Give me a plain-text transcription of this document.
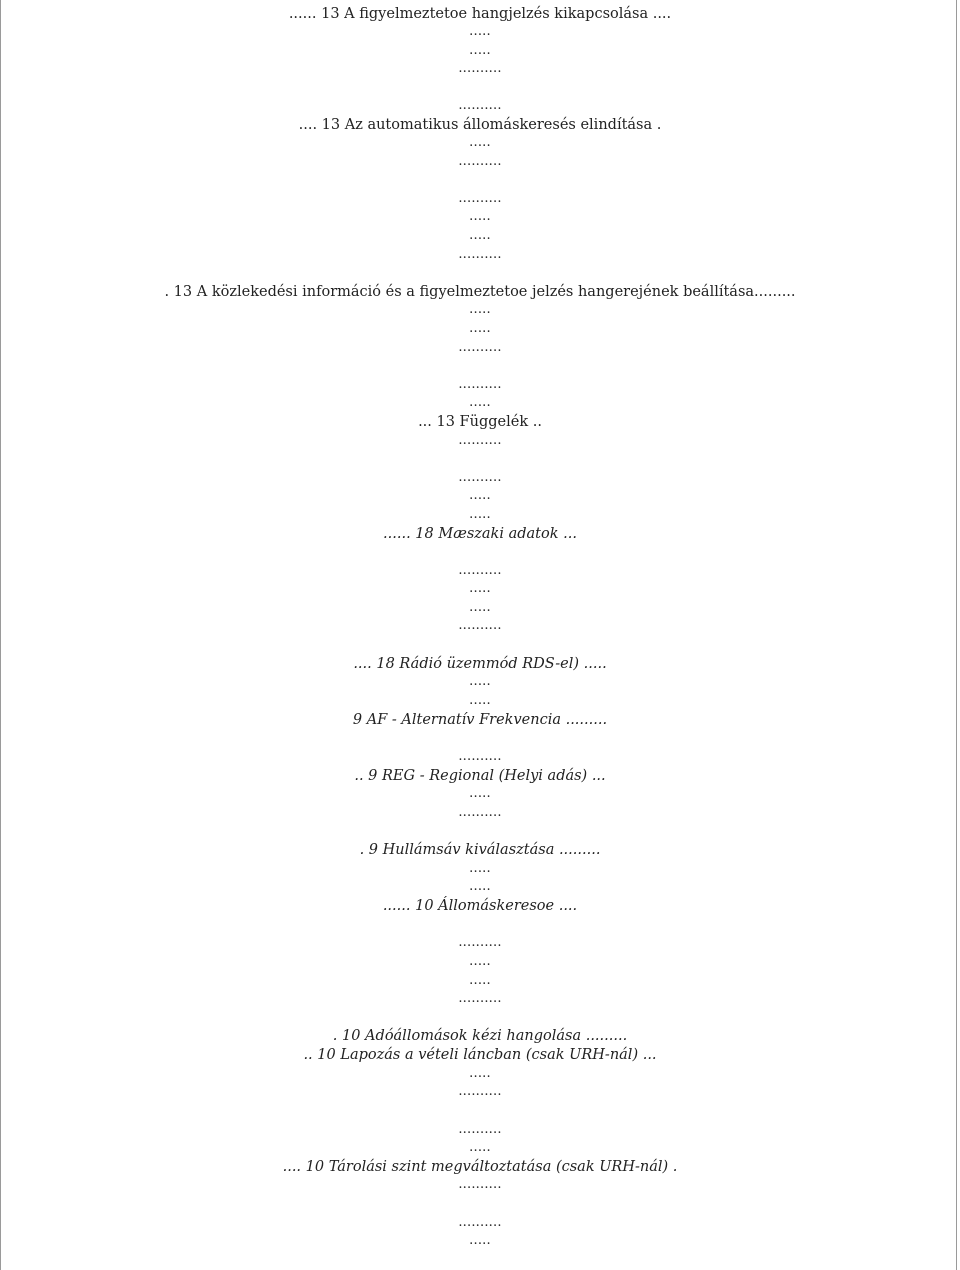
...... 13 A figyelmeztetoe hangjelzés kikapcsolása ....
.....
.....
..........
..........
.... 13 Az automatikus állomáskeresés elindítása .
.....
..........
..........
.....
.....
..........
. 13 A közlekedési információ és a figyelmeztetoe jelzés hangerejének beállítása.........
.....
.....
..........
..........
.....
... 13 Függelék ..
..........
..........
.....
.....
...... 18 Mæszaki adatok ...
..........
.....
.....
..........
.... 18 Rádió üzemmód RDS-el) .....
.....
.....
9 AF - Alternatív Frekvencia .........
..........
.. 9 REG - Regional (Helyi adás) ...
.....
..........
. 9 Hullámsáv kiválasztása .........
.....
.....
...... 10 Állomáskeresoe ....
..........
.....
.....
..........
. 10 Adóállomások kézi hangolása .........
.. 10 Lapozás a vételi láncban (csak URH-nál) ...
.....
..........
..........
.....
.... 10 Tárolási szint megváltoztatása (csak URH-nál) .
..........
..........
.....
